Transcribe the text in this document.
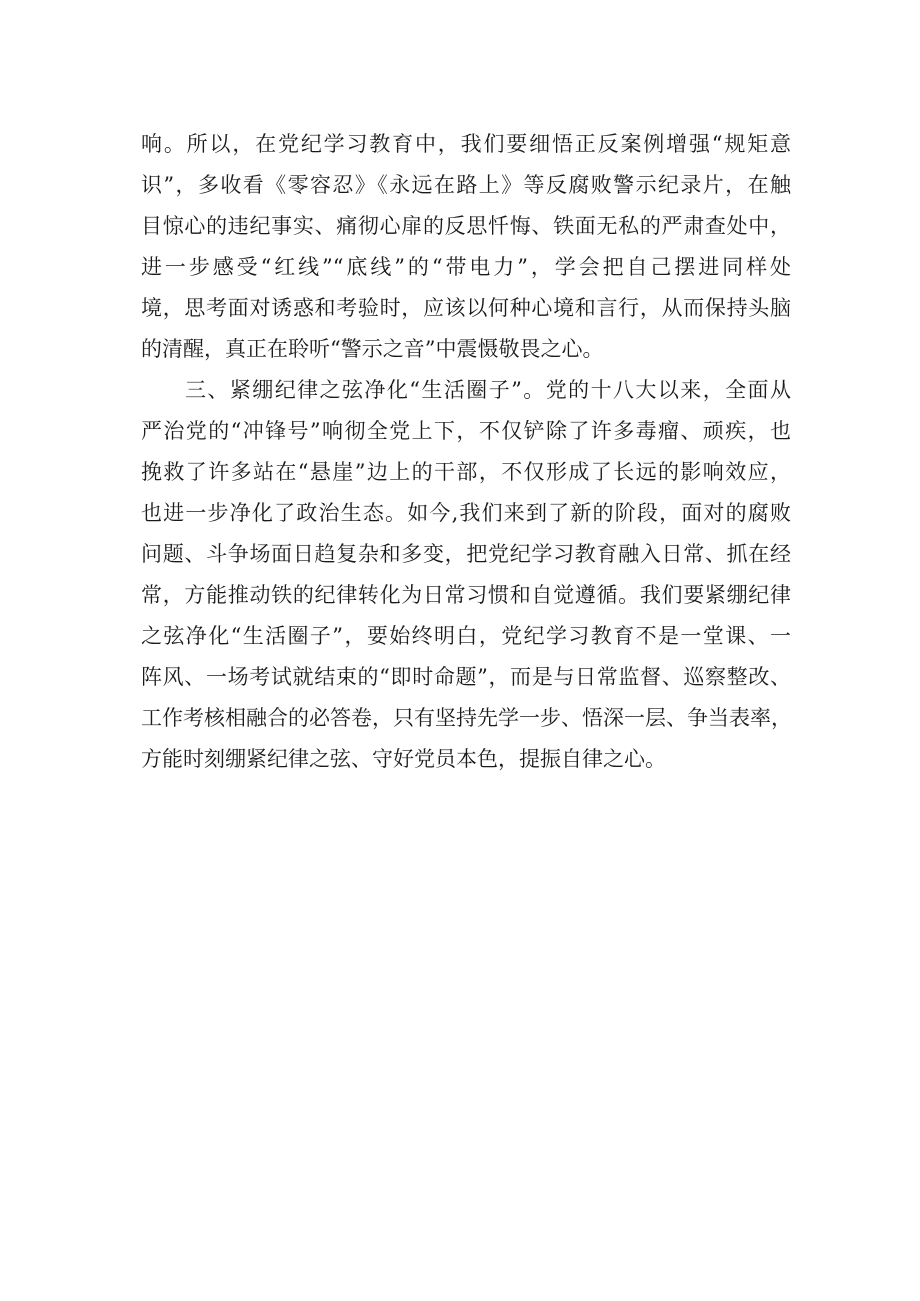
响。所以，在党纪学习教育中，我们要细悟正反案例增强“规矩意
识”，多收看《零容忍》《永远在路上》等反腐败警示纪录片，在触
目惊心的违纪事实、痛彻心扉的反思忏悔、铁面无私的严肃查处中，
进一步感受“红线”“底线”的“带电力”，学会把自己摆进同样处
境，思考面对诱惑和考验时，应该以何种心境和言行，从而保持头脑
的清醒，真正在聆听“警示之音”中震慑敬畏之心。
三、紧绷纪律之弦净化“生活圈子”。党的十八大以来，全面从
严治党的“冲锋号”响彻全党上下，不仅铲除了许多毒瘤、顽疾，也
挽救了许多站在“悬崖”边上的干部，不仅形成了长远的影响效应，
也进一步净化了政治生态。如今,我们来到了新的阶段，面对的腐败
问题、斗争场面日趋复杂和多变，把党纪学习教育融入日常、抓在经
常，方能推动铁的纪律转化为日常习惯和自觉遵循。我们要紧绷纪律
之弦净化“生活圈子”，要始终明白，党纪学习教育不是一堂课、一
阵风、一场考试就结束的“即时命题”，而是与日常监督、巡察整改、
工作考核相融合的必答卷，只有坚持先学一步、悟深一层、争当表率，
方能时刻绷紧纪律之弦、守好党员本色，提振自律之心。
